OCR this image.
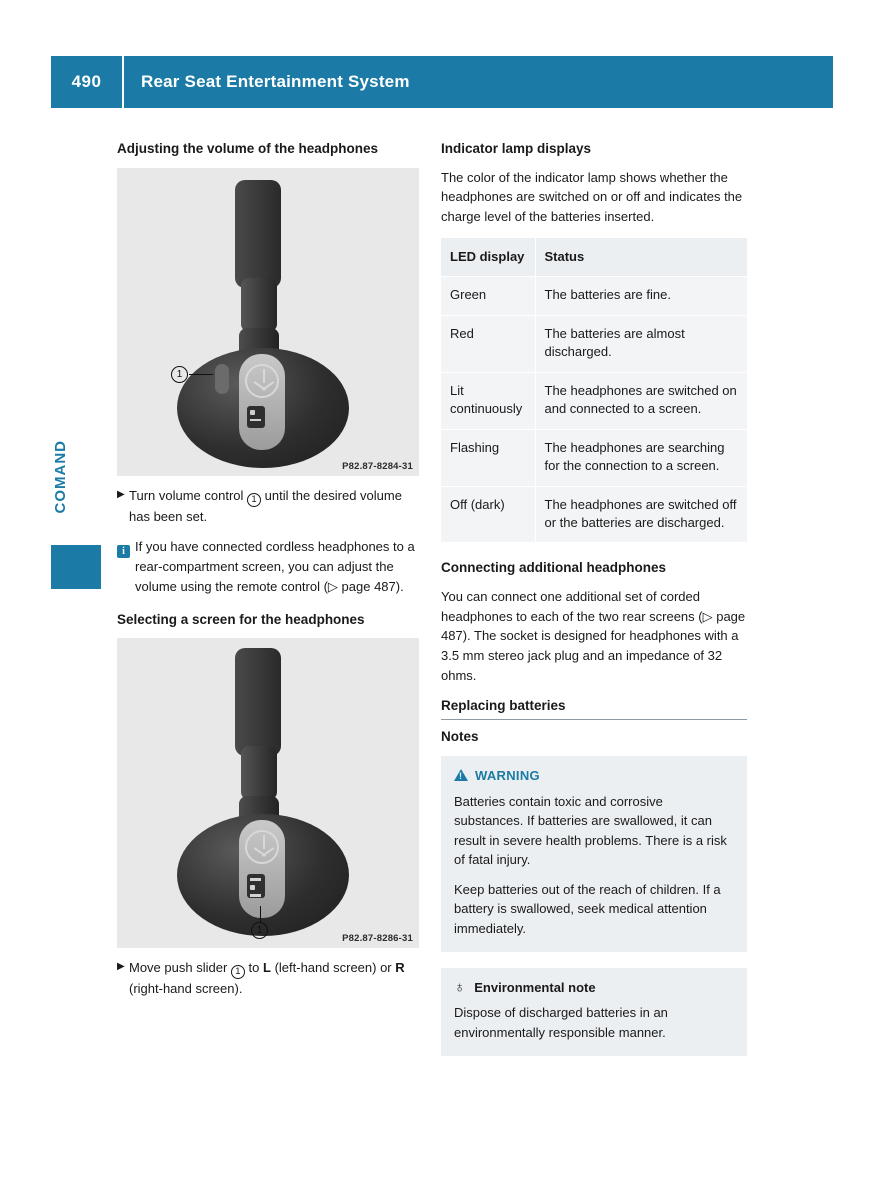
490	Rear Seat Entertainment System
COMAND
Adjusting the volume of the headphones
1
P82.87-8284-31
▶ Turn volume control 1 until the desired volume has been set.
i If you have connected cordless headphones to a rear-compartment screen, you can adjust the volume using the remote control (▷ page 487).
Selecting a screen for the headphones
1
P82.87-8286-31
▶ Move push slider 1 to L (left-hand screen) or R (right-hand screen).
Indicator lamp displays

The color of the indicator lamp shows whether the headphones are switched on or off and indicates the charge level of the batteries inserted.

LED display	Status
Green	The batteries are fine.
Red	The batteries are almost discharged.
Lit continuously	The headphones are switched on and connected to a screen.
Flashing	The headphones are searching for the connection to a screen.
Off (dark)	The headphones are switched off or the batteries are discharged.
Connecting additional headphones

You can connect one additional set of corded headphones to each of the two rear screens (▷ page 487). The socket is designed for headphones with a 3.5 mm stereo jack plug and an impedance of 32 ohms.

Replacing batteries
Notes
! WARNING

Batteries contain toxic and corrosive substances. If batteries are swallowed, it can result in severe health problems. There is a risk of fatal injury.

Keep batteries out of the reach of children. If a battery is swallowed, seek medical attention immediately.

♁ Environmental note

Dispose of discharged batteries in an environmentally responsible manner.
